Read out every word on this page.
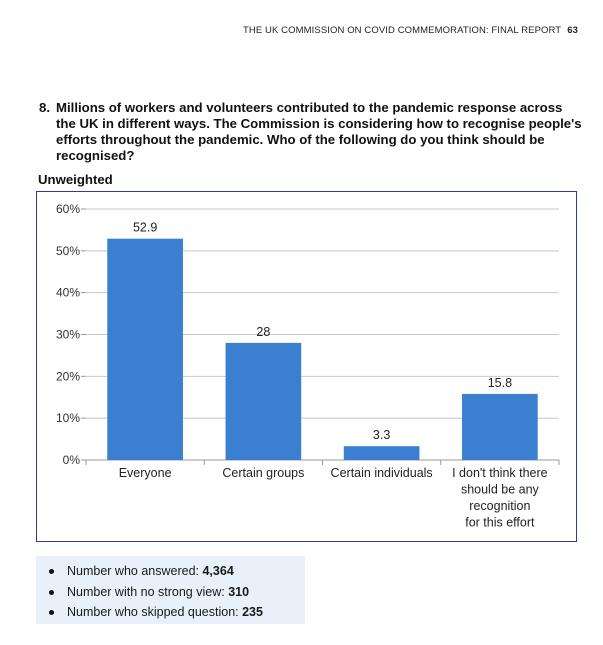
THE UK COMMISSION ON COVID COMMEMORATION: FINAL REPORT 63
8. Millions of workers and volunteers contributed to the pandemic response across the UK in different ways. The Commission is considering how to recognise people's efforts throughout the pandemic. Who of the following do you think should be recognised?
Unweighted
0%
10%
20%
30%
40%
50%
60%
52.9
Everyone
28
Certain groups
3.3
Certain individuals
15.8
I don't think there should be any recognition for this effort
Number who answered: 4,364
Number with no strong view: 310
Number who skipped question: 235
